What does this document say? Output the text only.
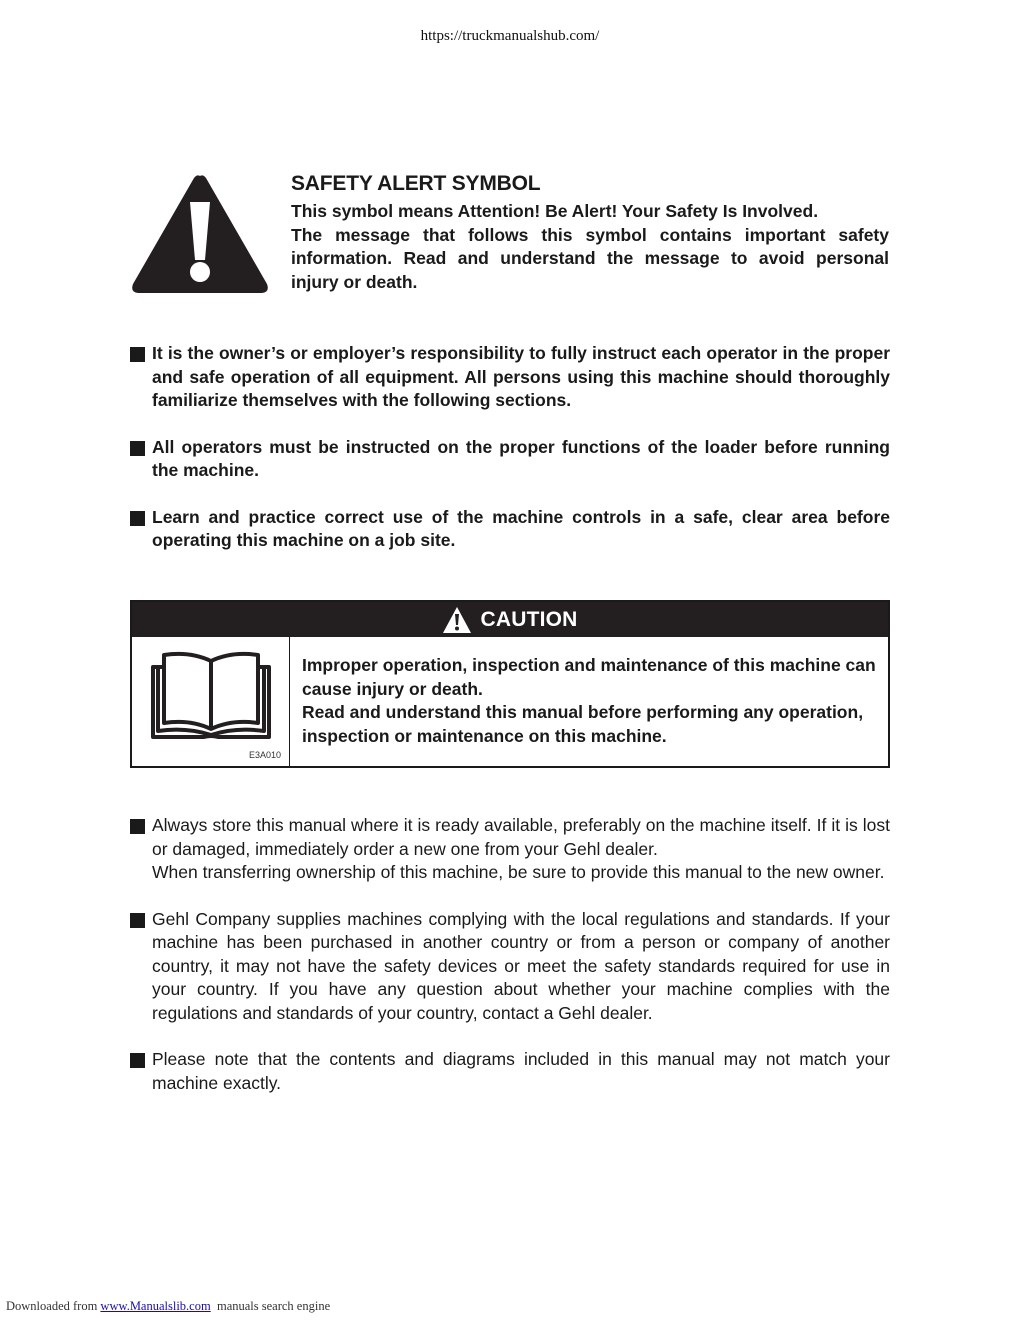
https://truckmanualshub.com/
SAFETY ALERT SYMBOL

This symbol means Attention! Be Alert! Your Safety Is Involved.

The message that follows this symbol contains important safety information. Read and understand the message to avoid personal injury or death.

It is the owner’s or employer’s responsibility to fully instruct each operator in the proper and safe operation of all equipment. All persons using this machine should thoroughly familiarize themselves with the following sections.

All operators must be instructed on the proper functions of the loader before running the machine.

Learn and practice correct use of the machine controls in a safe, clear area before operating this machine on a job site.

CAUTION
E3A010

Improper operation, inspection and maintenance of this machine can cause injury or death.

Read and understand this manual before performing any operation, inspection or maintenance on this machine.

Always store this manual where it is ready available, preferably on the machine itself. If it is lost or damaged, immediately order a new one from your Gehl dealer.

When transferring ownership of this machine, be sure to provide this manual to the new owner.

Gehl Company supplies machines complying with the local regulations and standards. If your machine has been purchased in another country or from a person or company of another country, it may not have the safety devices or meet the safety standards required for use in your country. If you have any question about whether your machine complies with the regulations and standards of your country, contact a Gehl dealer.

Please note that the contents and diagrams included in this manual may not match your machine exactly.

Downloaded from www.Manualslib.com manuals search engine
